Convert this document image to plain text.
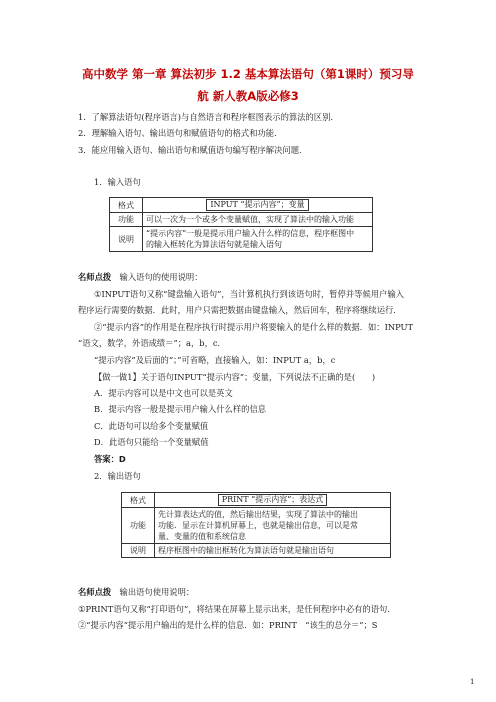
高中数学 第一章 算法初步 1.2 基本算法语句（第1课时）预习导
航 新人教A版必修3
1．了解算法语句(程序语言)与自然语言和程序框图表示的算法的区别.
2．理解输入语句、输出语句和赋值语句的格式和功能.
3．能应用输入语句、输出语句和赋值语句编写程序解决问题.
1．输入语句
格式	INPUT “提示内容”；变量
功能	可以一次为一个或多个变量赋值，实现了算法中的输入功能
说明	“提示内容”一般是提示用户输入什么样的信息，程序框图中
的输入框转化为算法语句就是输入语句
名师点拨　 输入语句的使用说明：
①INPUT语句又称“键盘输入语句”，当计算机执行到该语句时，暂停并等候用户输入
程序运行需要的数据．此时，用户只需把数据由键盘输入，然后回车，程序将继续运行．
②“提示内容”的作用是在程序执行时提示用户将要输入的是什么样的数据．如：INPUT
“语文，数学，外语成绩＝”；a，b，c．
“提示内容”及后面的“；”可省略，直接输入，如：INPUT a，b，c
【做一做1】关于语句INPUT“提示内容”；变量，下列说法不正确的是(　　)
A．提示内容可以是中文也可以是英文
B．提示内容一般是提示用户输入什么样的信息
C．此语句可以给多个变量赋值
D．此语句只能给一个变量赋值
答案：D
2．输出语句
格式	PRINT “提示内容”；表达式
功能	先计算表达式的值，然后输出结果，实现了算法中的输出
功能．显示在计算机屏幕上，也就是输出信息，可以是常
量、变量的值和系统信息

说明	程序框图中的输出框转化为算法语句就是输出语句
名师点拨　 输出语句使用说明：
①PRINT语句又称“打印语句”，将结果在屏幕上显示出来，是任何程序中必有的语句．
②“提示内容”提示用户输出的是什么样的信息．如：PRINT　“该生的总分＝”；S
1
